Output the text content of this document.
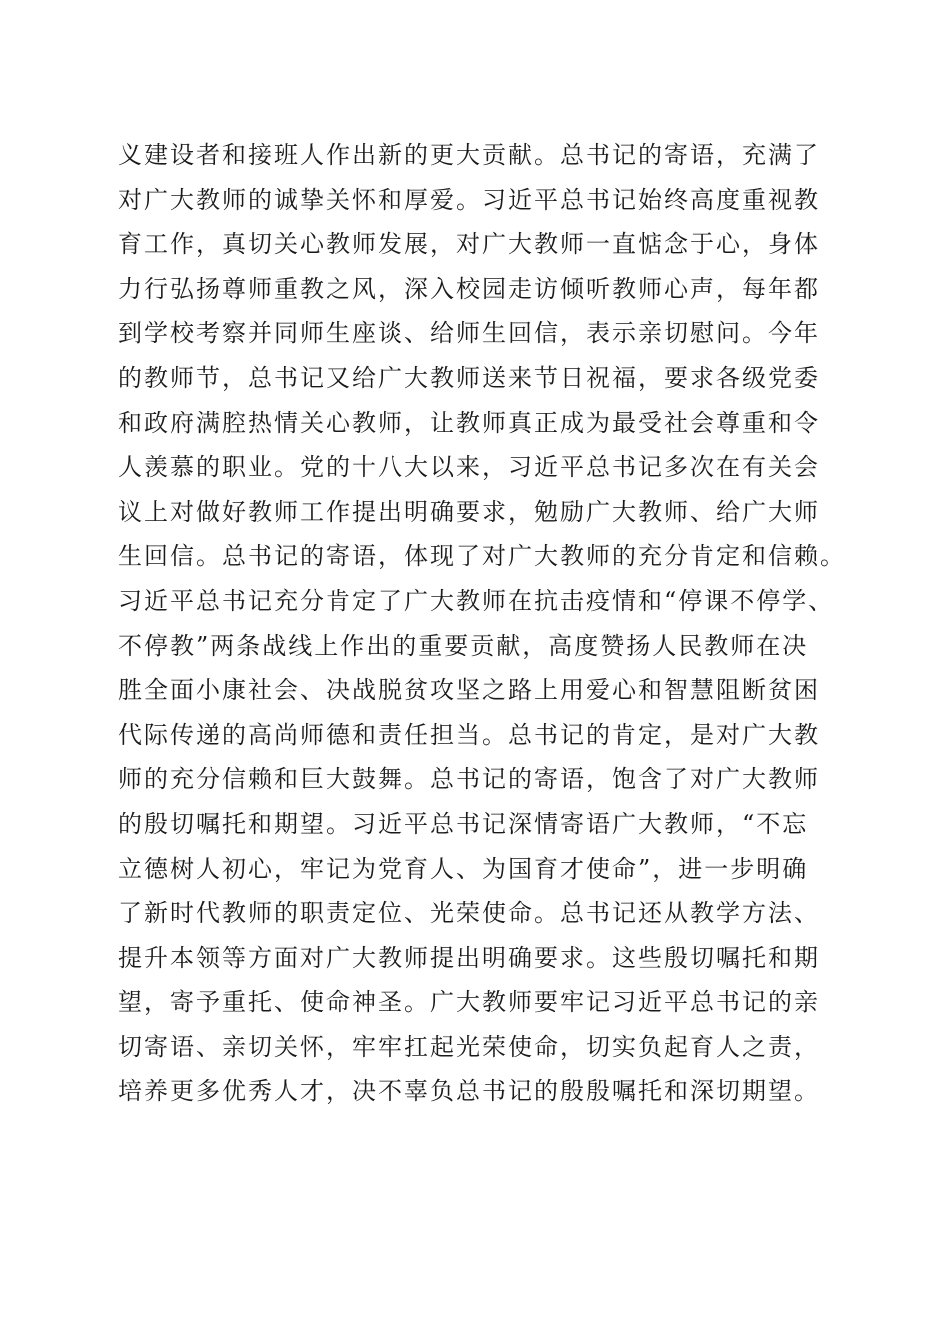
义建设者和接班人作出新的更大贡献。总书记的寄语，充满了
对广大教师的诚挚关怀和厚爱。习近平总书记始终高度重视教
育工作，真切关心教师发展，对广大教师一直惦念于心，身体
力行弘扬尊师重教之风，深入校园走访倾听教师心声，每年都
到学校考察并同师生座谈、给师生回信，表示亲切慰问。今年
的教师节，总书记又给广大教师送来节日祝福，要求各级党委
和政府满腔热情关心教师，让教师真正成为最受社会尊重和令
人羡慕的职业。党的十八大以来，习近平总书记多次在有关会
议上对做好教师工作提出明确要求，勉励广大教师、给广大师
生回信。总书记的寄语，体现了对广大教师的充分肯定和信赖。
习近平总书记充分肯定了广大教师在抗击疫情和“停课不停学、
不停教”两条战线上作出的重要贡献，高度赞扬人民教师在决
胜全面小康社会、决战脱贫攻坚之路上用爱心和智慧阻断贫困
代际传递的高尚师德和责任担当。总书记的肯定，是对广大教
师的充分信赖和巨大鼓舞。总书记的寄语，饱含了对广大教师
的殷切嘱托和期望。习近平总书记深情寄语广大教师，“不忘
立德树人初心，牢记为党育人、为国育才使命”，进一步明确
了新时代教师的职责定位、光荣使命。总书记还从教学方法、
提升本领等方面对广大教师提出明确要求。这些殷切嘱托和期
望，寄予重托、使命神圣。广大教师要牢记习近平总书记的亲
切寄语、亲切关怀，牢牢扛起光荣使命，切实负起育人之责，
培养更多优秀人才，决不辜负总书记的殷殷嘱托和深切期望。
